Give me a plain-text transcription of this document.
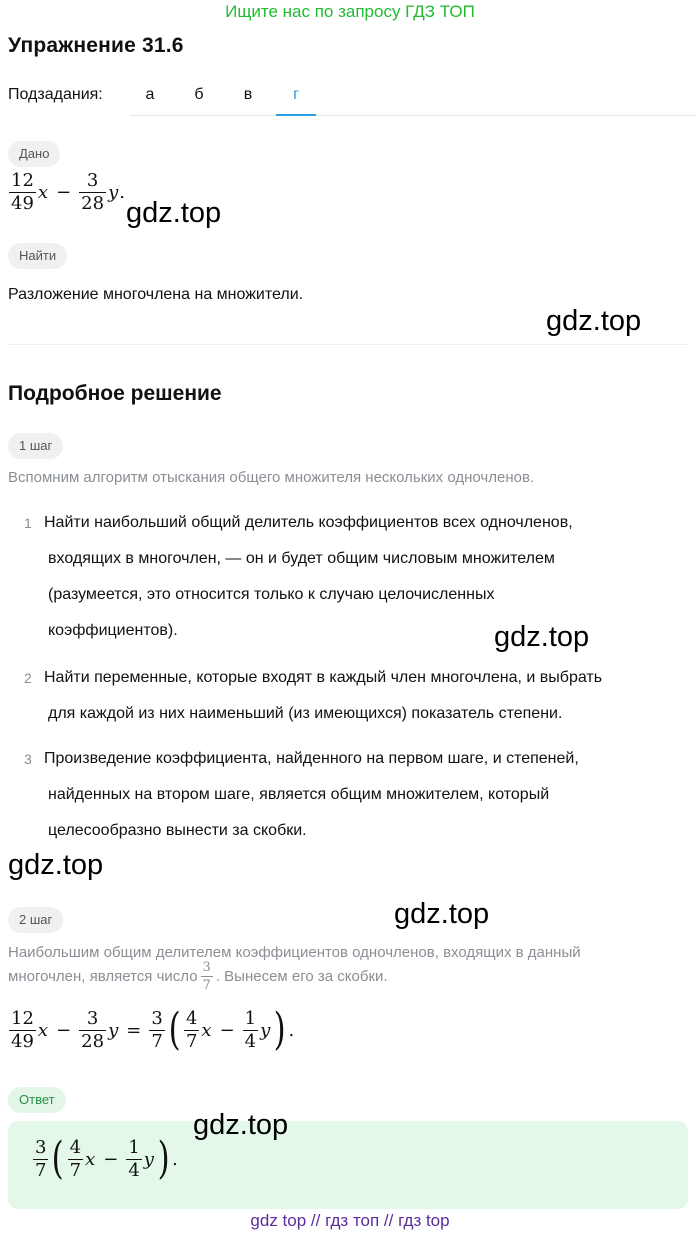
Ищите нас по запросу ГДЗ ТОП
Упражнение 31.6
Подзадания:	а	б	в	г
Дано
$\frac{12}{49}$ $x - \frac{3}{28}$ y .
gdz.top
Найти
Разложение многочлена на множители.
gdz.top
Подробное решение
1 шаг
Вспомним алгоритм отыскания общего множителя нескольких одночленов.
1 Найти наибольший общий делитель коэффициентов всех одночленов,
входящих в многочлен, — он и будет общим числовым множителем
(разумеется, это относится только к случаю целочисленных
коэффициентов).	gdz.top
2 Найти переменные, которые входят в каждый член многочлена, и выбрать
для каждой из них наименьший (из имеющихся) показатель степени.
3 Произведение коэффициента, найденного на первом шаге, и степеней,
найденных на втором шаге, является общим множителем, который
целесообразно вынести за скобки.
gdz.top
2 шаг	gdz.top
Наибольшим общим делителем коэффициентов одночленов, входящих в данный
многочлен, является число $\frac{3}{7}$ . Вынесем его за скобки.
$\frac{12}{49}$ $x - \frac{3}{28}$ $y = \frac{3}{7}$ ( $\frac{4}{7}$ $x - \frac{1}{4}$ y ) .
Ответ
$\frac{3}{7}$ ( $\frac{4}{7}$ $x - \frac{1}{4}$ y ) .
gdz.top
gdz top // гдз топ // гдз top
